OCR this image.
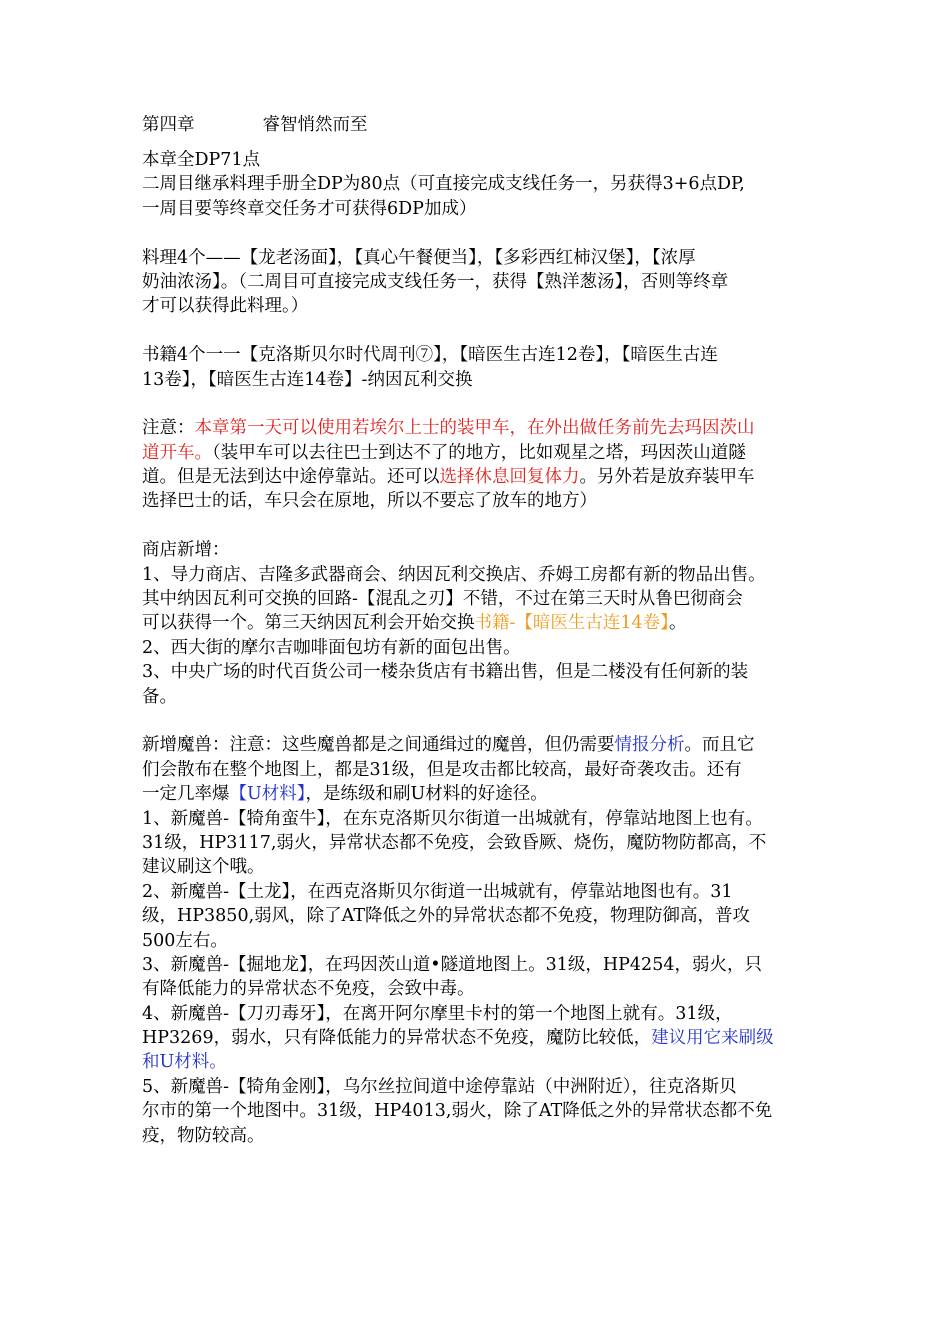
第四章	睿智悄然而至
本章全DP71点
二周目继承料理手册全DP为80点（可直接完成支线任务一，另获得3+6点DP,
一周目要等终章交任务才可获得6DP加成）
料理4个——【龙老汤面】，【真心午餐便当】，【多彩西红柿汉堡】，【浓厚
奶油浓汤】。（二周目可直接完成支线任务一，获得【熟洋葱汤】，否则等终章
才可以获得此料理。）
书籍4个一一【克洛斯贝尔时代周刊⑦】，【暗医生古连12卷】，【暗医生古连
13卷】，【暗医生古连14卷】-纳因瓦利交换
注意：本章第一天可以使用若埃尔上士的装甲车，在外出做任务前先去玛因茨山
道开车。（装甲车可以去往巴士到达不了的地方，比如观星之塔，玛因茨山道隧
道。但是无法到达中途停靠站。还可以选择休息回复体力。另外若是放弃装甲车
选择巴士的话，车只会在原地，所以不要忘了放车的地方）
商店新增：
1、导力商店、吉隆多武器商会、纳因瓦利交换店、乔姆工房都有新的物品出售。
其中纳因瓦利可交换的回路-【混乱之刃】不错，不过在第三天时从鲁巴彻商会
可以获得一个。第三天纳因瓦利会开始交换书籍-【暗医生古连14卷】。
2、西大街的摩尔吉咖啡面包坊有新的面包出售。
3、中央广场的时代百货公司一楼杂货店有书籍出售，但是二楼没有任何新的装
备。
新增魔兽：注意：这些魔兽都是之间通缉过的魔兽，但仍需要情报分析。而且它
们会散布在整个地图上，都是31级，但是攻击都比较高，最好奇袭攻击。还有
一定几率爆【U材料】，是练级和刷U材料的好途径。
1、新魔兽-【犄角蛮牛】，在东克洛斯贝尔街道一出城就有，停靠站地图上也有。
31级，HP3117,弱火，异常状态都不免疫，会致昏厥、烧伤，魔防物防都高，不
建议刷这个哦。
2、新魔兽-【土龙】，在西克洛斯贝尔街道一出城就有，停靠站地图也有。31
级，HP3850,弱风，除了AT降低之外的异常状态都不免疫，物理防御高，普攻
500左右。
3、新魔兽-【掘地龙】，在玛因茨山道•隧道地图上。31级，HP4254，弱火，只
有降低能力的异常状态不免疫，会致中毒。
4、新魔兽-【刀刃毒牙】，在离开阿尔摩里卡村的第一个地图上就有。31级，
HP3269，弱水，只有降低能力的异常状态不免疫，魔防比较低，建议用它来刷级
和U材料。
5、新魔兽-【犄角金刚】，乌尔丝拉间道中途停靠站（中洲附近），往克洛斯贝
尔市的第一个地图中。31级，HP4013,弱火，除了AT降低之外的异常状态都不免
疫，物防较高。
